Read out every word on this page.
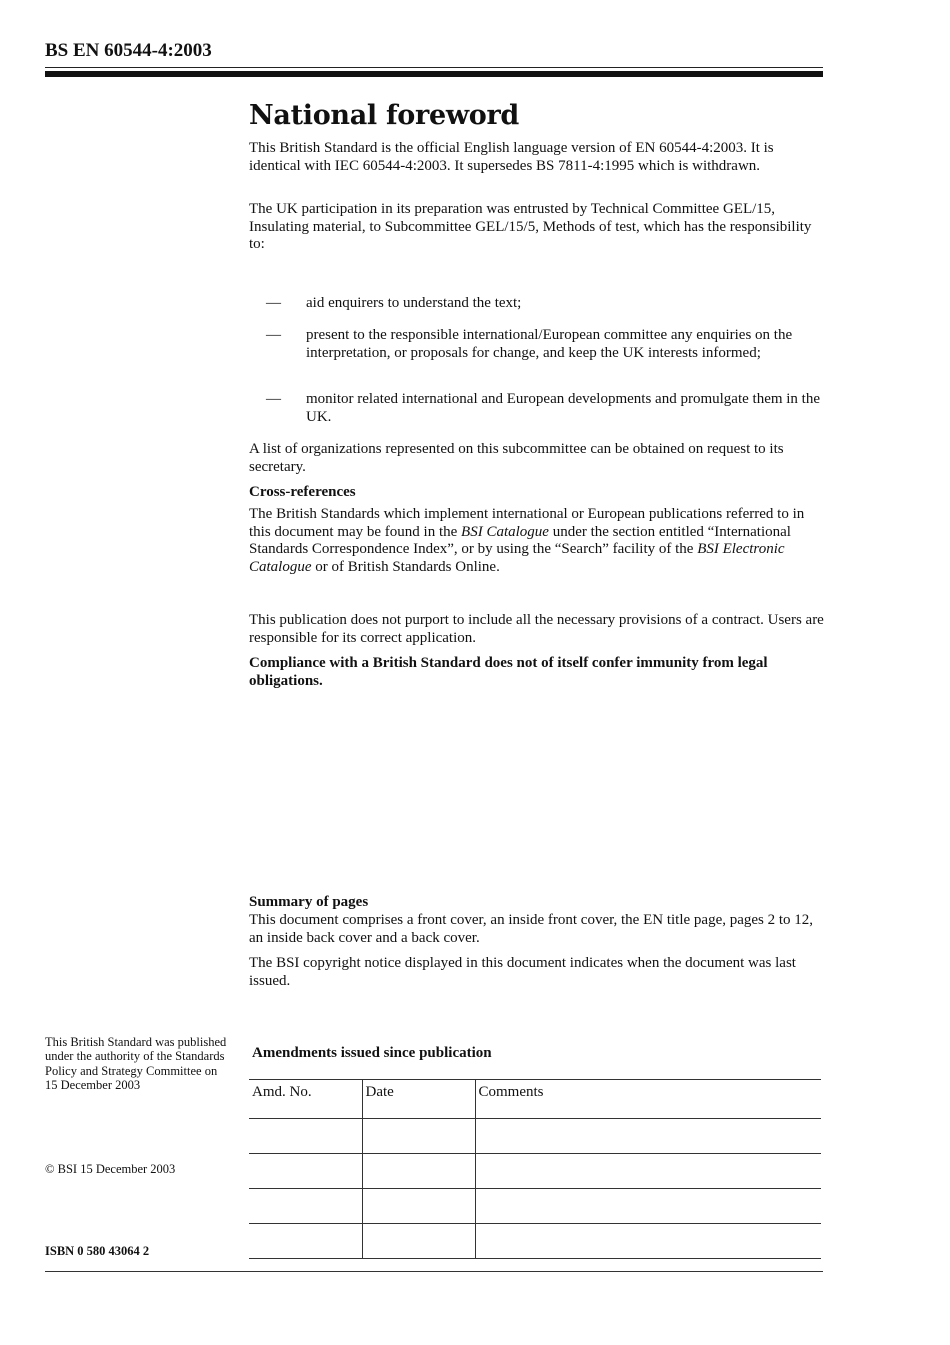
BS EN 60544-4:2003
National foreword

This British Standard is the official English language version of EN 60544-4:2003. It is identical with IEC 60544-4:2003. It supersedes BS 7811-4:1995 which is withdrawn.

The UK participation in its preparation was entrusted by Technical Committee GEL/15, Insulating material, to Subcommittee GEL/15/5, Methods of test, which has the responsibility to:

— aid enquirers to understand the text;
— present to the responsible international/European committee any enquiries on the interpretation, or proposals for change, and keep the UK interests informed;
— monitor related international and European developments and promulgate them in the UK.

A list of organizations represented on this subcommittee can be obtained on request to its secretary.

Cross-references

The British Standards which implement international or European publications referred to in this document may be found in the BSI Catalogue under the section entitled “International Standards Correspondence Index”, or by using the “Search” facility of the BSI Electronic Catalogue or of British Standards Online.

This publication does not purport to include all the necessary provisions of a contract. Users are responsible for its correct application.

Compliance with a British Standard does not of itself confer immunity from legal obligations.

Summary of pages

This document comprises a front cover, an inside front cover, the EN title page, pages 2 to 12, an inside back cover and a back cover.

The BSI copyright notice displayed in this document indicates when the document was last issued.

This British Standard was published under the authority of the Standards Policy and Strategy Committee on 15 December 2003
© BSI 15 December 2003
ISBN 0 580 43064 2
Amendments issued since publication
Amd. No.	Date	Comments
